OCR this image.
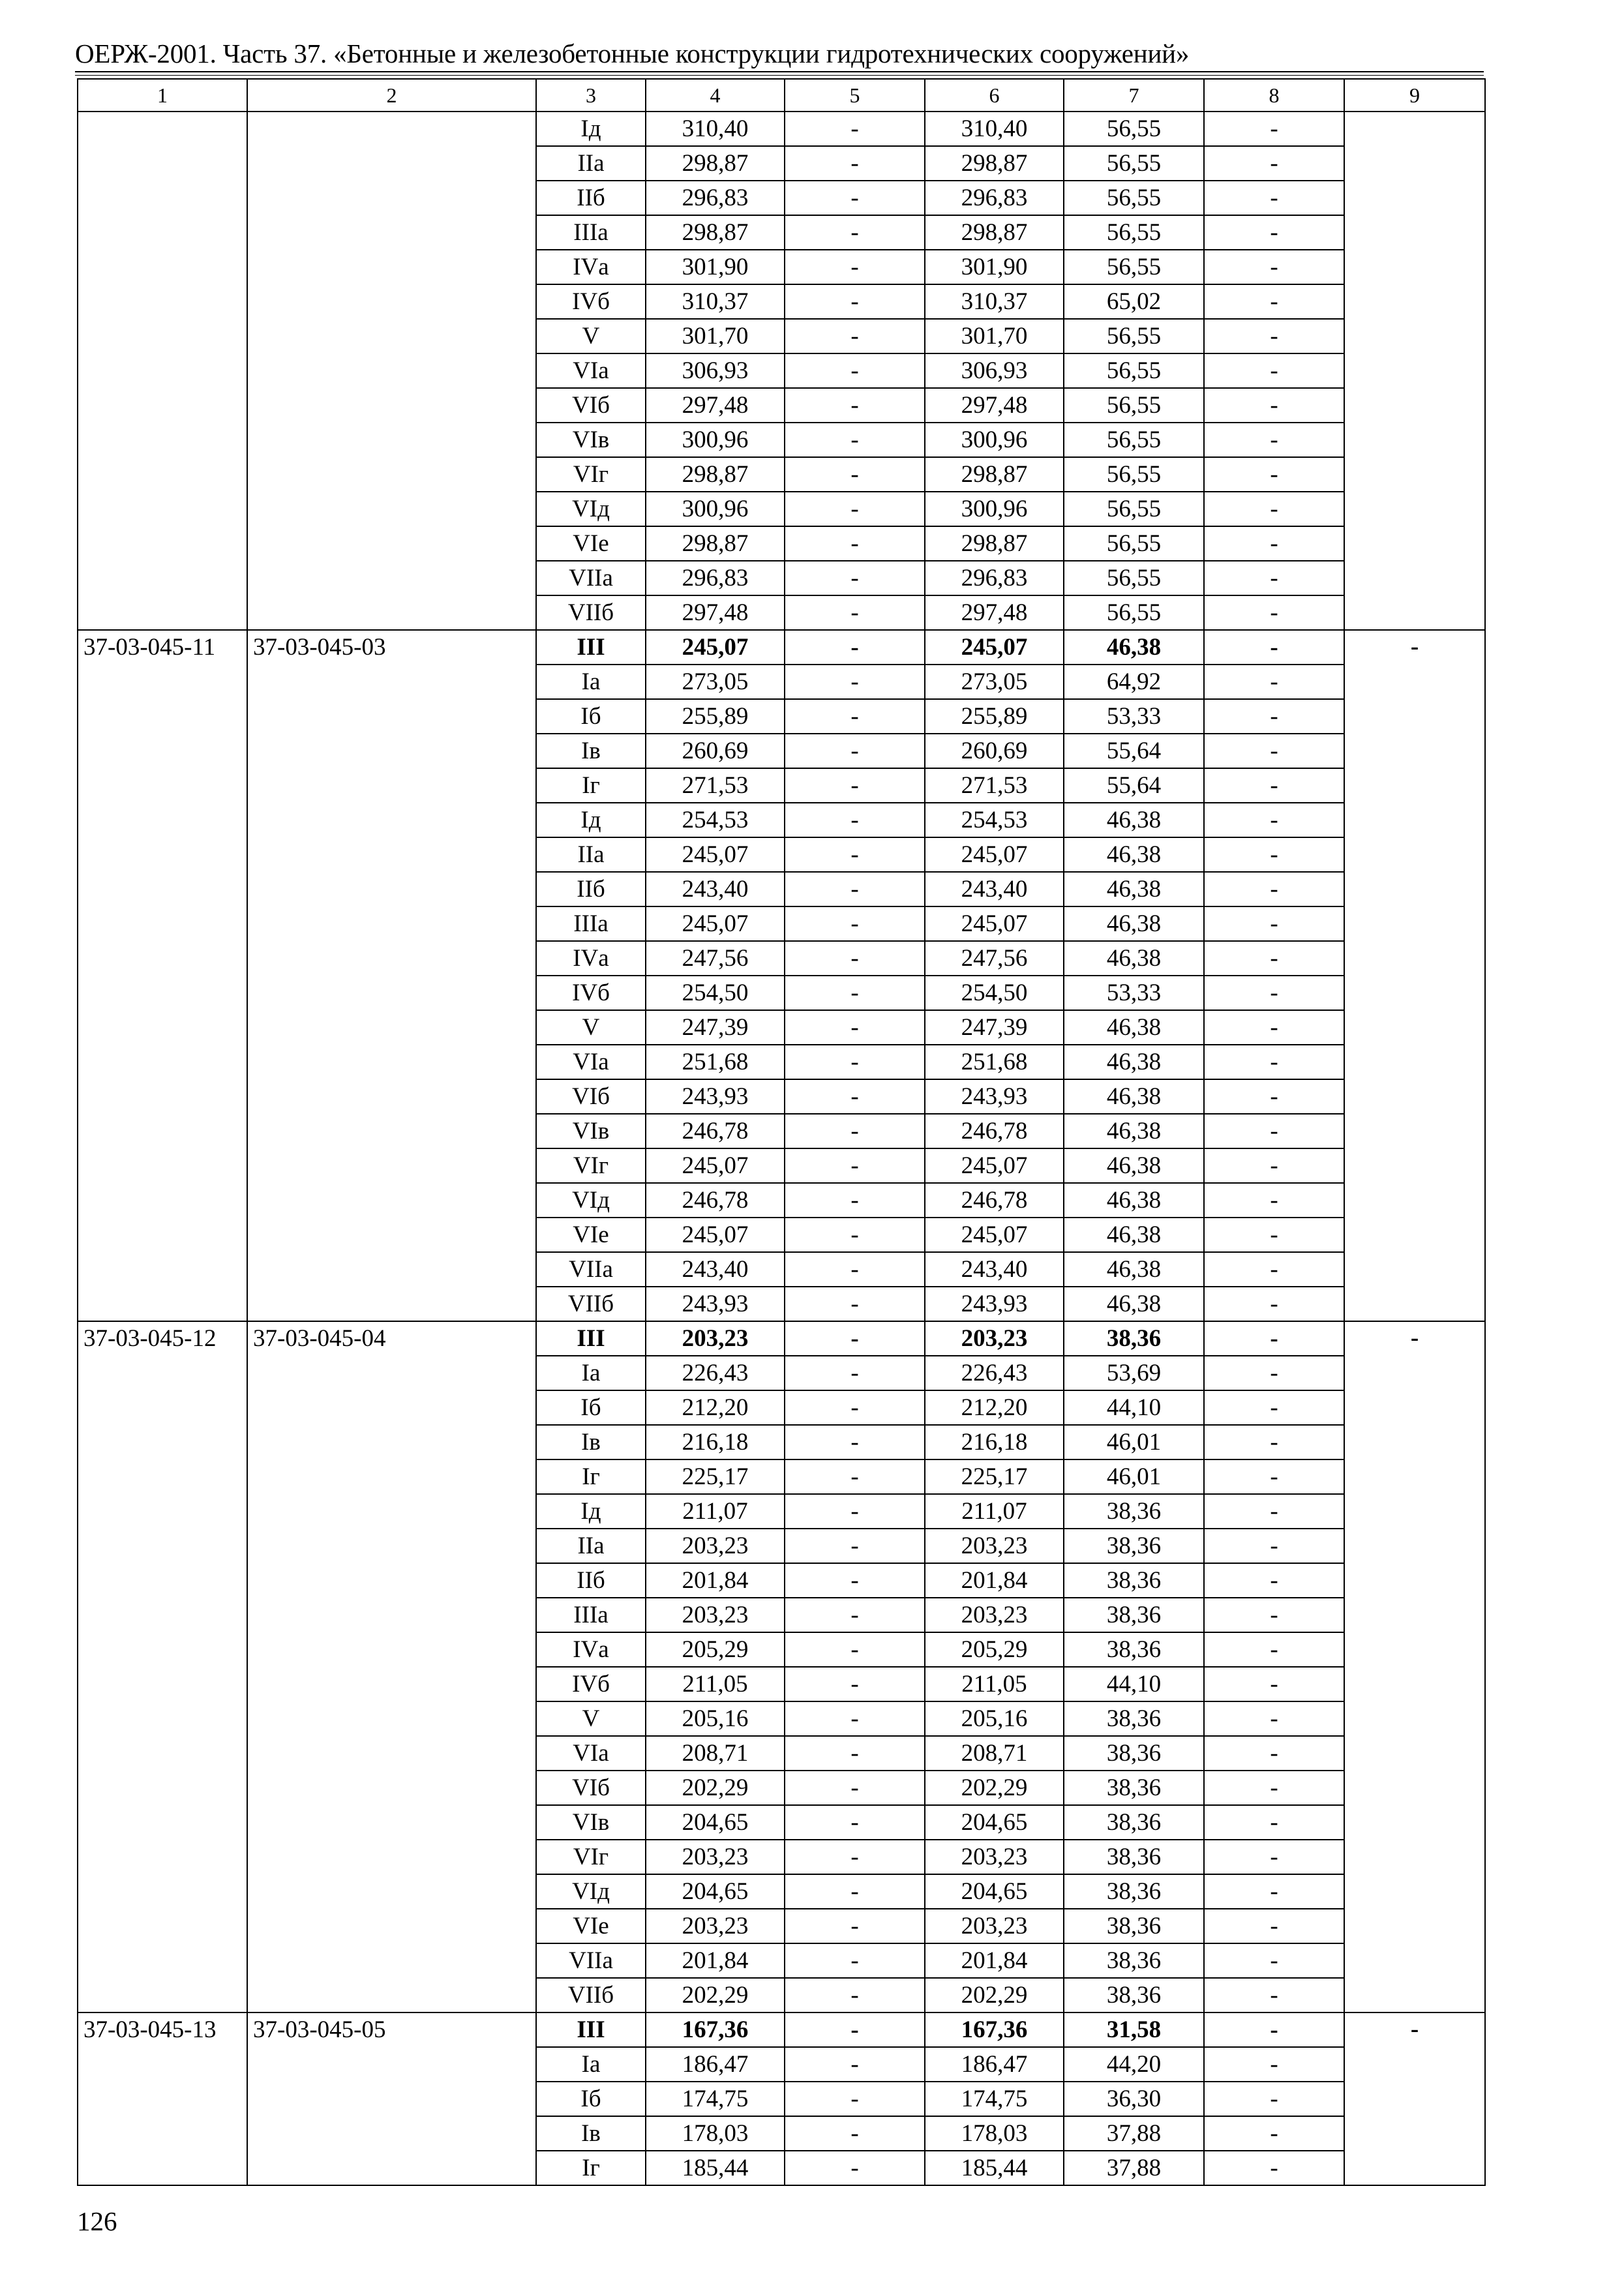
ОЕРЖ-2001. Часть 37. «Бетонные и железобетонные конструкции гидротехнических сооружений»
1	2	3	4	5	6	7	8	9
		Iд	310,40	-	310,40	56,55	-	
		IIа	298,87	-	298,87	56,55	-	
		IIб	296,83	-	296,83	56,55	-	
		IIIа	298,87	-	298,87	56,55	-	
		IVа	301,90	-	301,90	56,55	-	
		IVб	310,37	-	310,37	65,02	-	
		V	301,70	-	301,70	56,55	-	
		VIа	306,93	-	306,93	56,55	-	
		VIб	297,48	-	297,48	56,55	-	
		VIв	300,96	-	300,96	56,55	-	
		VIг	298,87	-	298,87	56,55	-	
		VIд	300,96	-	300,96	56,55	-	
		VIе	298,87	-	298,87	56,55	-	
		VIIа	296,83	-	296,83	56,55	-	
		VIIб	297,48	-	297,48	56,55	-	
37-03-045-11	37-03-045-03	III	245,07	-	245,07	46,38	-	-
		Iа	273,05	-	273,05	64,92	-	
		Iб	255,89	-	255,89	53,33	-	
		Iв	260,69	-	260,69	55,64	-	
		Iг	271,53	-	271,53	55,64	-	
		Iд	254,53	-	254,53	46,38	-	
		IIа	245,07	-	245,07	46,38	-	
		IIб	243,40	-	243,40	46,38	-	
		IIIа	245,07	-	245,07	46,38	-	
		IVа	247,56	-	247,56	46,38	-	
		IVб	254,50	-	254,50	53,33	-	
		V	247,39	-	247,39	46,38	-	
		VIа	251,68	-	251,68	46,38	-	
		VIб	243,93	-	243,93	46,38	-	
		VIв	246,78	-	246,78	46,38	-	
		VIг	245,07	-	245,07	46,38	-	
		VIд	246,78	-	246,78	46,38	-	
		VIе	245,07	-	245,07	46,38	-	
		VIIа	243,40	-	243,40	46,38	-	
		VIIб	243,93	-	243,93	46,38	-	
37-03-045-12	37-03-045-04	III	203,23	-	203,23	38,36	-	-
		Iа	226,43	-	226,43	53,69	-	
		Iб	212,20	-	212,20	44,10	-	
		Iв	216,18	-	216,18	46,01	-	
		Iг	225,17	-	225,17	46,01	-	
		Iд	211,07	-	211,07	38,36	-	
		IIа	203,23	-	203,23	38,36	-	
		IIб	201,84	-	201,84	38,36	-	
		IIIа	203,23	-	203,23	38,36	-	
		IVа	205,29	-	205,29	38,36	-	
		IVб	211,05	-	211,05	44,10	-	
		V	205,16	-	205,16	38,36	-	
		VIа	208,71	-	208,71	38,36	-	
		VIб	202,29	-	202,29	38,36	-	
		VIв	204,65	-	204,65	38,36	-	
		VIг	203,23	-	203,23	38,36	-	
		VIд	204,65	-	204,65	38,36	-	
		VIе	203,23	-	203,23	38,36	-	
		VIIа	201,84	-	201,84	38,36	-	
		VIIб	202,29	-	202,29	38,36	-	
37-03-045-13	37-03-045-05	III	167,36	-	167,36	31,58	-	-
		Iа	186,47	-	186,47	44,20	-	
		Iб	174,75	-	174,75	36,30	-	
		Iв	178,03	-	178,03	37,88	-	
		Iг	185,44	-	185,44	37,88	-	
126
